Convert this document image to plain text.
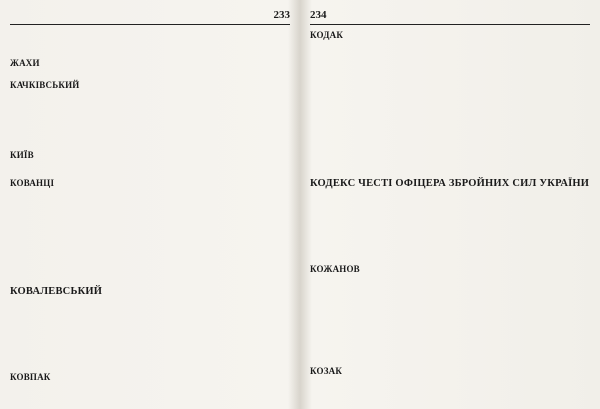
233
ЖАХИ
КАЧКІВСЬКИЙ
КИЇВ
КОВАНЦІ
КОВАЛЕВСЬКИЙ
КОВПАК
234
КОДАК
КОДЕКС ЧЕСТІ ОФІЦЕРА ЗБРОЙНИХ СИЛ УКРАЇНИ
КОЖАНОВ
КОЗАК
